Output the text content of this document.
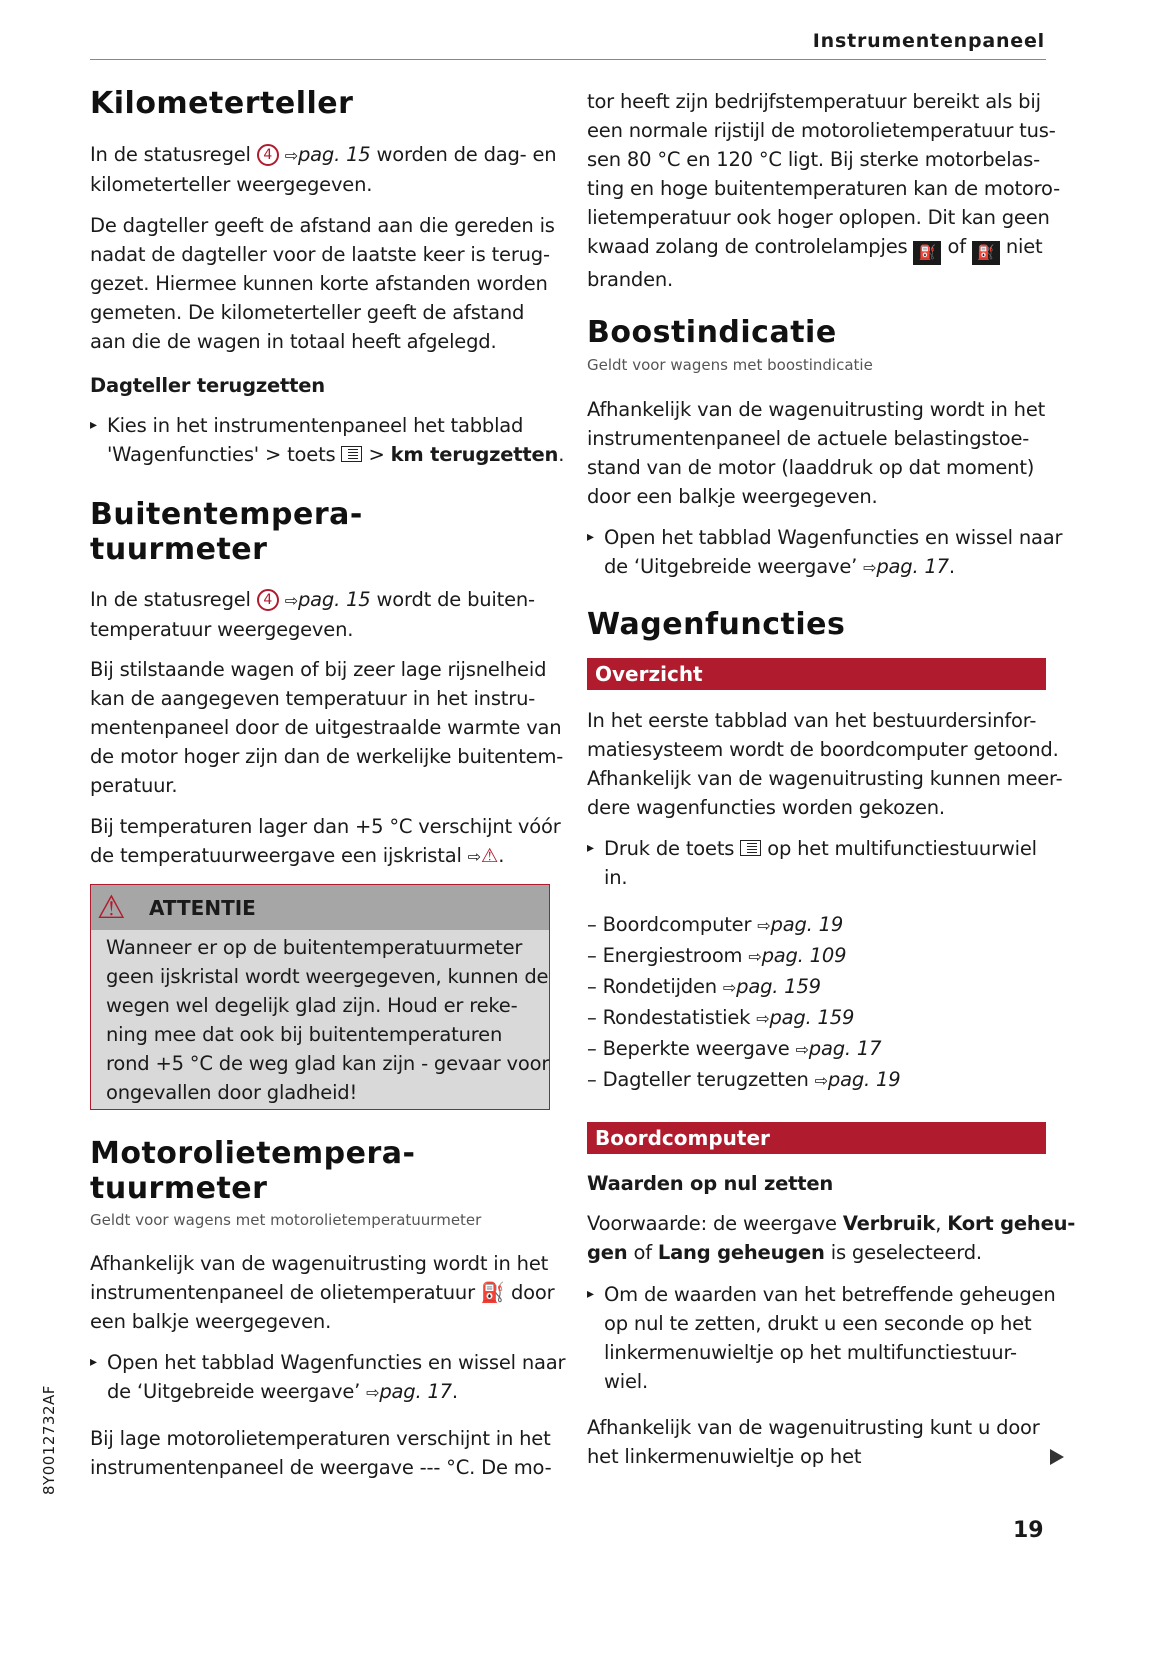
Instrumentenpaneel
Kilometerteller
In de statusregel 4 ⇨pag. 15 worden de dag- en
kilometerteller weergegeven.
De dagteller geeft de afstand aan die gereden is
nadat de dagteller voor de laatste keer is terug-
gezet. Hiermee kunnen korte afstanden worden
gemeten. De kilometerteller geeft de afstand
aan die de wagen in totaal heeft afgelegd.
Dagteller terugzetten
▸ Kies in het instrumentenpaneel het tabblad
'Wagenfuncties' > toets  > km terugzetten.
Buitentempera-
tuurmeter
In de statusregel 4 ⇨pag. 15 wordt de buiten-
temperatuur weergegeven.
Bij stilstaande wagen of bij zeer lage rijsnelheid
kan de aangegeven temperatuur in het instru-
mentenpaneel door de uitgestraalde warmte van
de motor hoger zijn dan de werkelijke buitentem-
peratuur.
Bij temperaturen lager dan +5 °C verschijnt vóór
de temperatuurweergave een ijskristal ⇨⚠.
⚠ ATTENTIE
Wanneer er op de buitentemperatuurmeter
geen ijskristal wordt weergegeven, kunnen de
wegen wel degelijk glad zijn. Houd er reke-
ning mee dat ook bij buitentemperaturen
rond +5 °C de weg glad kan zijn - gevaar voor
ongevallen door gladheid!
Motorolietempera-
tuurmeter
Geldt voor wagens met motorolietemperatuurmeter
Afhankelijk van de wagenuitrusting wordt in het
instrumentenpaneel de olietemperatuur ⛽ door
een balkje weergegeven.
▸ Open het tabblad Wagenfuncties en wissel naar
de ‘Uitgebreide weergave’ ⇨pag. 17.
Bij lage motorolietemperaturen verschijnt in het
instrumentenpaneel de weergave --- °C. De mo-
tor heeft zijn bedrijfstemperatuur bereikt als bij
een normale rijstijl de motorolietemperatuur tus-
sen 80 °C en 120 °C ligt. Bij sterke motorbelas-
ting en hoge buitentemperaturen kan de motoro-
lietemperatuur ook hoger oplopen. Dit kan geen
kwaad zolang de controlelampjes ⛽ of ⛽ niet
branden.
Boostindicatie
Geldt voor wagens met boostindicatie
Afhankelijk van de wagenuitrusting wordt in het
instrumentenpaneel de actuele belastingstoe-
stand van de motor (laaddruk op dat moment)
door een balkje weergegeven.
▸ Open het tabblad Wagenfuncties en wissel naar
de ‘Uitgebreide weergave’ ⇨pag. 17.
Wagenfuncties
Overzicht
In het eerste tabblad van het bestuurdersinfor-
matiesysteem wordt de boordcomputer getoond.
Afhankelijk van de wagenuitrusting kunnen meer-
dere wagenfuncties worden gekozen.
▸ Druk de toets  op het multifunctiestuurwiel
in.
– Boordcomputer ⇨pag. 19
– Energiestroom ⇨pag. 109
– Rondetijden ⇨pag. 159
– Rondestatistiek ⇨pag. 159
– Beperkte weergave ⇨pag. 17
– Dagteller terugzetten ⇨pag. 19
Boordcomputer
Waarden op nul zetten
Voorwaarde: de weergave Verbruik, Kort geheu-
gen of Lang geheugen is geselecteerd.
▸ Om de waarden van het betreffende geheugen
op nul te zetten, drukt u een seconde op het
linkermenuwieltje op het multifunctiestuur-
wiel.
Afhankelijk van de wagenuitrusting kunt u door
het linkermenuwieltje op het
8Y0012732AF
19
